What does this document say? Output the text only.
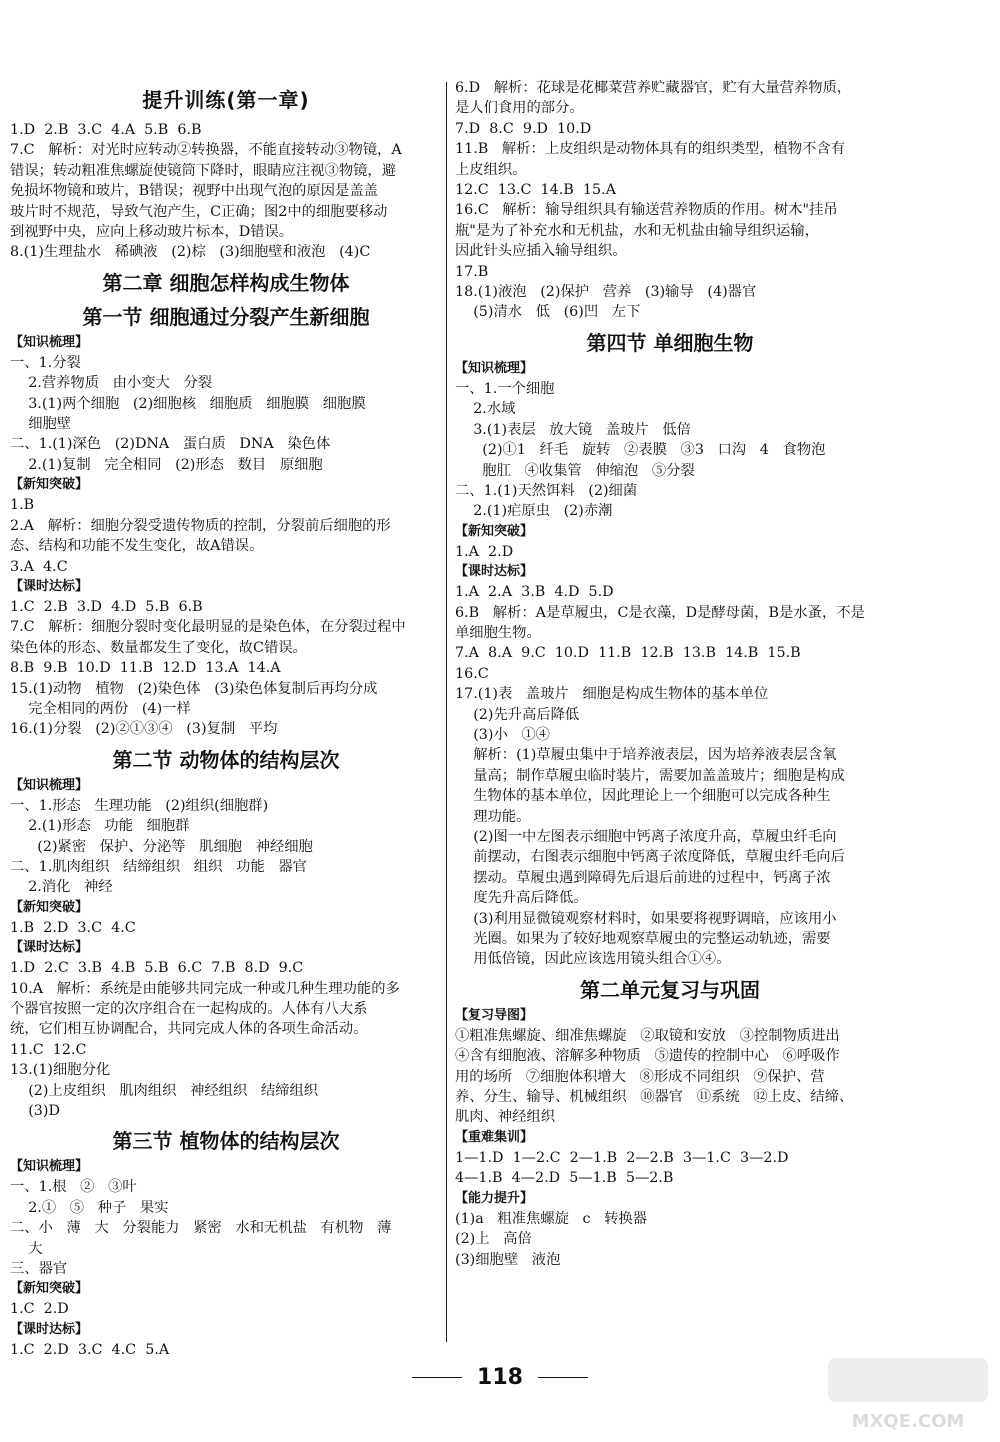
提升训练(第一章)
1.D  2.B  3.C  4.A  5.B  6.B
7.C   解析：对光时应转动②转换器，不能直接转动③物镜，A
错误；转动粗准焦螺旋使镜筒下降时，眼睛应注视③物镜，避
免损坏物镜和玻片，B错误；视野中出现气泡的原因是盖盖
玻片时不规范，导致气泡产生，C正确；图2中的细胞要移动
到视野中央，应向上移动玻片标本，D错误。
8.(1)生理盐水   稀碘液   (2)棕   (3)细胞壁和液泡   (4)C
第二章 细胞怎样构成生物体
第一节 细胞通过分裂产生新细胞
【知识梳理】
一、1.分裂
2.营养物质   由小变大   分裂
3.(1)两个细胞   (2)细胞核   细胞质   细胞膜   细胞膜
细胞壁
二、1.(1)深色   (2)DNA   蛋白质   DNA   染色体
2.(1)复制   完全相同   (2)形态   数目   原细胞
【新知突破】
1.B
2.A   解析：细胞分裂受遗传物质的控制，分裂前后细胞的形
态、结构和功能不发生变化，故A错误。
3.A  4.C
【课时达标】
1.C  2.B  3.D  4.D  5.B  6.B
7.C   解析：细胞分裂时变化最明显的是染色体，在分裂过程中
染色体的形态、数量都发生了变化，故C错误。
8.B  9.B  10.D  11.B  12.D  13.A  14.A
15.(1)动物   植物   (2)染色体   (3)染色体复制后再均分成
完全相同的两份   (4)一样
16.(1)分裂   (2)②①③④   (3)复制   平均
第二节 动物体的结构层次
【知识梳理】
一、1.形态   生理功能   (2)组织(细胞群)
2.(1)形态   功能   细胞群
(2)紧密   保护、分泌等   肌细胞   神经细胞
二、1.肌肉组织   结缔组织   组织   功能   器官
2.消化   神经
【新知突破】
1.B  2.D  3.C  4.C
【课时达标】
1.D  2.C  3.B  4.B  5.B  6.C  7.B  8.D  9.C
10.A   解析：系统是由能够共同完成一种或几种生理功能的多
个器官按照一定的次序组合在一起构成的。人体有八大系
统，它们相互协调配合，共同完成人体的各项生命活动。
11.C  12.C
13.(1)细胞分化
(2)上皮组织   肌肉组织   神经组织   结缔组织
(3)D
第三节 植物体的结构层次
【知识梳理】
一、1.根   ②   ③叶
2.①   ⑤   种子   果实
二、小   薄   大   分裂能力   紧密   水和无机盐   有机物   薄
大
三、器官
【新知突破】
1.C  2.D
【课时达标】
1.C  2.D  3.C  4.C  5.A
6.D   解析：花球是花椰菜营养贮藏器官，贮有大量营养物质，
是人们食用的部分。
7.D  8.C  9.D  10.D
11.B   解析：上皮组织是动物体具有的组织类型，植物不含有
上皮组织。
12.C  13.C  14.B  15.A
16.C   解析：输导组织具有输送营养物质的作用。树木"挂吊
瓶"是为了补充水和无机盐，水和无机盐由输导组织运输，
因此针头应插入输导组织。
17.B
18.(1)液泡   (2)保护   营养   (3)输导   (4)器官
(5)清水   低   (6)凹   左下
第四节 单细胞生物
【知识梳理】
一、1.一个细胞
2.水域
3.(1)表层   放大镜   盖玻片   低倍
(2)①1   纤毛   旋转   ②表膜   ③3   口沟   4   食物泡
胞肛   ④收集管   伸缩泡   ⑤分裂
二、1.(1)天然饵料   (2)细菌
2.(1)疟原虫   (2)赤潮
【新知突破】
1.A  2.D
【课时达标】
1.A  2.A  3.B  4.D  5.D
6.B   解析：A是草履虫，C是衣藻，D是酵母菌，B是水蚤，不是
单细胞生物。
7.A  8.A  9.C  10.D  11.B  12.B  13.B  14.B  15.B
16.C
17.(1)表   盖玻片   细胞是构成生物体的基本单位
(2)先升高后降低
(3)小   ①④
解析：(1)草履虫集中于培养液表层，因为培养液表层含氧
量高；制作草履虫临时装片，需要加盖盖玻片；细胞是构成
生物体的基本单位，因此理论上一个细胞可以完成各种生
理功能。
(2)图一中左图表示细胞中钙离子浓度升高，草履虫纤毛向
前摆动，右图表示细胞中钙离子浓度降低，草履虫纤毛向后
摆动。草履虫遇到障碍先后退后前进的过程中，钙离子浓
度先升高后降低。
(3)利用显微镜观察材料时，如果要将视野调暗，应该用小
光圈。如果为了较好地观察草履虫的完整运动轨迹，需要
用低倍镜，因此应该选用镜头组合①④。
第二单元复习与巩固
【复习导图】
①粗准焦螺旋、细准焦螺旋   ②取镜和安放   ③控制物质进出
④含有细胞液、溶解多种物质   ⑤遗传的控制中心   ⑥呼吸作
用的场所   ⑦细胞体积增大   ⑧形成不同组织   ⑨保护、营
养、分生、输导、机械组织   ⑩器官   ⑪系统   ⑫上皮、结缔、
肌肉、神经组织
【重难集训】
1—1.D  1—2.C  2—1.B  2—2.B  3—1.C  3—2.D
4—1.B  4—2.D  5—1.B  5—2.B
【能力提升】
(1)a   粗准焦螺旋   c   转换器
(2)上   高倍
(3)细胞壁   液泡
118
MXQE.COM
